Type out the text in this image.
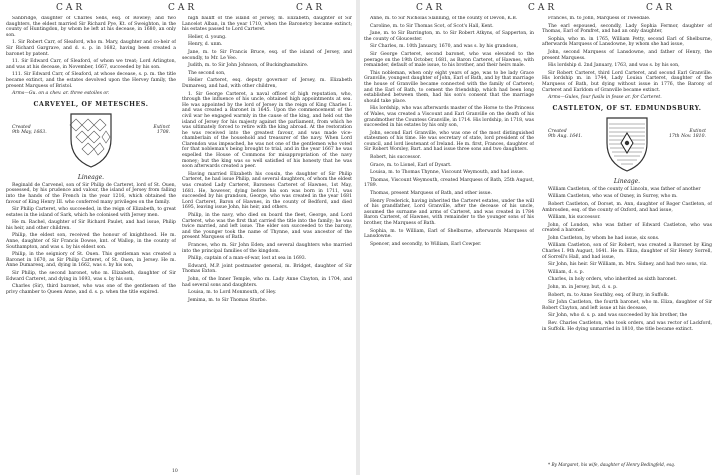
CAR	CAR	CAR

Sanbridge, daughter of Charles Sells, esq. of Rowley; and two daughters, the eldest married Sir Richard Pye, Kt. of Sweighton, in the county of Huntingdon, by whom he left at his decease, in 1680, an only son.

1. Sir Robert Carr, of Sleaford, who m. Mary, daughter and co-heir of Sir Richard Gargrave, and d. s. p. in 1682, having been created a baronet by patent.

11. Sir Edward Carr, of Sleaford, of whom we treat; Lord Arlington, and was at his decease, in November, 1667, succeeded by his son.

111. Sir Edward Carr, of Sleaford, at whose decease, s. p. m. the title became extinct, and the estates devolved upon the Hervey family, the present Marquess of Bristol.

Arms—Gu. on a chev. ar. three estoiles or.

CARVEYEL, OF METESCHES.
Created
9th May, 1663.
Extinct
1708.
Lineage.

Reginald de Carvenel, son of Sir Philip de Carteret, lord of St. Ouen, possessed, by his prudence and valour, the island of Jersey from falling into the hands of the French in the year 1216, which obtained the favour of King Henry III. who conferred many privileges on the family.

Sir Philip Carteret, who succeeded, in the reign of Elizabeth, to great estates in the island of Sark, which he colonised with Jersey men.

He m. Rachel, daughter of Sir Richard Paulet, and had issue, Philip his heir, and other children.

Philip, the eldest son, received the honour of knighthood. He m. Anne, daughter of Sir Francis Dowse, knt. of Wallop, in the county of Southampton, and was s. by his eldest son.

Philip, in the seigniory of St. Ouen. This gentleman was created a Baronet in 1670, as Sir Philip Carteret, of St. Ouen, in Jersey. He m. Anne Dumaresq, and, dying in 1662, was s. by his son,

Sir Philip, the second baronet, who m. Elizabeth, daughter of Sir Edward Carteret, and dying in 1693, was s. by his son,

Charles (Sir), third baronet, who was one of the gentlemen of the privy chamber to Queen Anne, and d. s. p. when the title expired.

high bailiff of the island of Jersey, m. Elizabeth, daughter of Sir Lancelot Alban, in the year 1710, when the Baronetcy became extinct; his estates passed to Lord Carteret.

Helier, d. young.

Henry, d. unm.

Jane, m. to Sir Francis Bruce, esq. of the island of Jersey, and secondly, to Mr. Le Veo.

Judith, m. to Sir John Johnson, of Buckinghamshire.

The second son,

Helier Carteret, esq. deputy governor of Jersey, m. Elizabeth Dumaresq, and had, with other children,

1. Sir George Carteret, a naval officer of high reputation, who, through the influence of his uncle, obtained high appointments at sea. He was appointed by the lord of Jersey in the reign of King Charles I. and was created a Baronet in 1645. Upon the commencement of the civil war he engaged warmly in the cause of the king, and held out the island of Jersey for his majesty against the parliament, from which he was ultimately forced to retire with the king abroad. At the restoration he was received into the greatest favour, and was made vice-chamberlain of the household and treasurer of the navy. When Lord Clarendon was impeached, he was not one of the gentlemen who voted for that nobleman's being brought to trial, and in the year 1667 he was expelled the House of Commons for misappropriation of the navy money; but the king was so well satisfied of his honesty that he was soon afterwards created a peer.

Having married Elizabeth his cousin, the daughter of Sir Philip Carteret, he had issue Philip, and several daughters, of whom the eldest was created Lady Carteret, Baroness Carteret of Hawnes, 1st May, 1681. He, however, dying before his son was born in 1711, was succeeded by his grandson, George, who was created in the year 1681 Lord Carteret, Baron of Hawnes, in the county of Bedford, and died 1695, leaving issue John, his heir, and others.

Philip, in the navy, who died on board the fleet, George, and Lord Carteret, who was the first that carried the title into the family; he was twice married, and left issue. The elder son succeeded to the barony, and the younger took the name of Thynne, and was ancestor of the present Marquess of Bath.

Frances, who m. Sir John Eden; and several daughters who married into the principal families of the kingdom.

Philip, captain of a man-of-war, lost at sea in 1693.

Edward, M.P. joint postmaster general, m. Bridget, daughter of Sir Thomas Exton.

John, of the Inner Temple, who m. Lady Anne Clayton, in 1704, and had several sons and daughters.

Louisa, m. to Lord Monmouth, of Hey.

Jemima, m. to Sir Thomas Sturbo.

10
CAR	CAR	CAR

Anne, m. to Sir Nicholas Slanning, of the county of Devon, K.B.

Caroline, m. to Sir Thomas Scot, of Scot's Hall, Kent.

Jane, m. to Sir Barrington, m. to Sir Robert Atkyns, of Sapperton, in the county of Gloucester.

Sir Charles, m. 10th January, 1670, and was s. by his grandson,

Sir George Carteret, second baronet, who was elevated to the peerage on the 19th October, 1681, as Baron Carteret, of Hawnes, with remainder, default of male issue, to his brother, and their heirs male.

This nobleman, when only eight years of age, was to be lady Grace Granville, youngest daughter of John, Earl of Bath, and by that marriage the house of Granville became connected with the family of Carteret; and the Earl of Bath, to cement the friendship, which had been long established between them, had his son's consent that the marriage should take place.

His lordship, who was afterwards master of the Horse to the Princess of Wales, was created a Viscount and Earl Granville on the death of his grandmother the Countess Granville, in 1714. His lordship, in 1718, was succeeded in his estates by his only son,

John, second Earl Granville, who was one of the most distinguished statesmen of his time. He was secretary of state, lord president of the council, and lord lieutenant of Ireland. He m. first, Frances, daughter of Sir Robert Worsley, Bart. and had issue three sons and two daughters.

Robert, his successor.

Grace, m. to Lionel, Earl of Dysart.

Louisa, m. to Thomas Thynne, Viscount Weymouth, and had issue.

Thomas, Viscount Weymouth, created Marquess of Bath, 25th August, 1789.

Thomas, present Marquess of Bath, and other issue.

Henry Frederick, having inherited the Carteret estates, under the will of his grandfather, Lord Granville, after the decease of his uncle, assumed the surname and arms of Carteret, and was created in 1784 Baron Carteret, of Hawnes, with remainder to the younger sons of his brother, the Marquess of Bath.

Sophia, m. to William, Earl of Shelburne, afterwards Marquess of Lansdowne.

Spencer, and secondly, to William, Earl Cowper.

Frances, m. to John, Marquess of Tweedale.

The earl espoused, secondly, Lady Sophia Fermor, daughter of Thomas, Earl of Pomfret, and had an only daughter,

Sophia, who m. in 1765, William Petty, second Earl of Shelburne, afterwards Marquess of Lansdowne, by whom she had issue,

John, second Marquess of Lansdowne, and father of Henry, the present Marquess.

His lordship d. 2nd January, 1763, and was s. by his son,

Sir Robert Carteret, third Lord Carteret, and second Earl Granville. His lordship m. in 1744, Lady Louisa Carteret, daughter of the Marquess of Bath, but dying without issue in 1776, the Barony of Carteret and Earldom of Granville became extinct.

Arms—Gules, four fusils in fesse ar. for Carteret.

CASTLETON, OF ST. EDMUNDSBURY.
Created
9th Aug. 1641.
Extinct
17th Nov. 1810.
Lineage.

William Castleton, of the county of Lincoln, was father of another

William Castleton, who was of Oxney, in Surrey, who m.

Robert Castleton, of Dorset, m. Ann, daughter of Roger Castleton, of Ambrosden, esq. of the county of Oxford, and had issue,

William, his successor.

John, of London, who was father of Edward Castleton, who was created a baronet.

John Castleton, by whom he had issue, six sons.

William Castleton, son of Sir Robert, was created a Baronet by King Charles I. 9th August, 1641. He m. Eliza, daughter of Sir Henry Sorrell, of Sorrell's Hall, and had issue,

Sir John, his heir. Sir William, m. Mrs. Sidney, and had two sons, viz.

William, d. s. p.

Charles, in holy orders, who inherited as sixth baronet.

John, m. in Jersey, but, d. s. p.

Robert, m. to Anne Southby, esq. of Bury, in Suffolk.

Sir John Castleton, the fourth baronet, who m. Eliza, daughter of Sir Robert Clayton, and left issue at his decease,

Sir John, who d. s. p. and was succeeded by his brother, the

Rev. Charles Castleton, who took orders, and was rector of Lackford, in Suffolk. He dying unmarried in 1810, the title became extinct.

* By Margaret, his wife, daughter of Henry Bedingfeld, esq.
